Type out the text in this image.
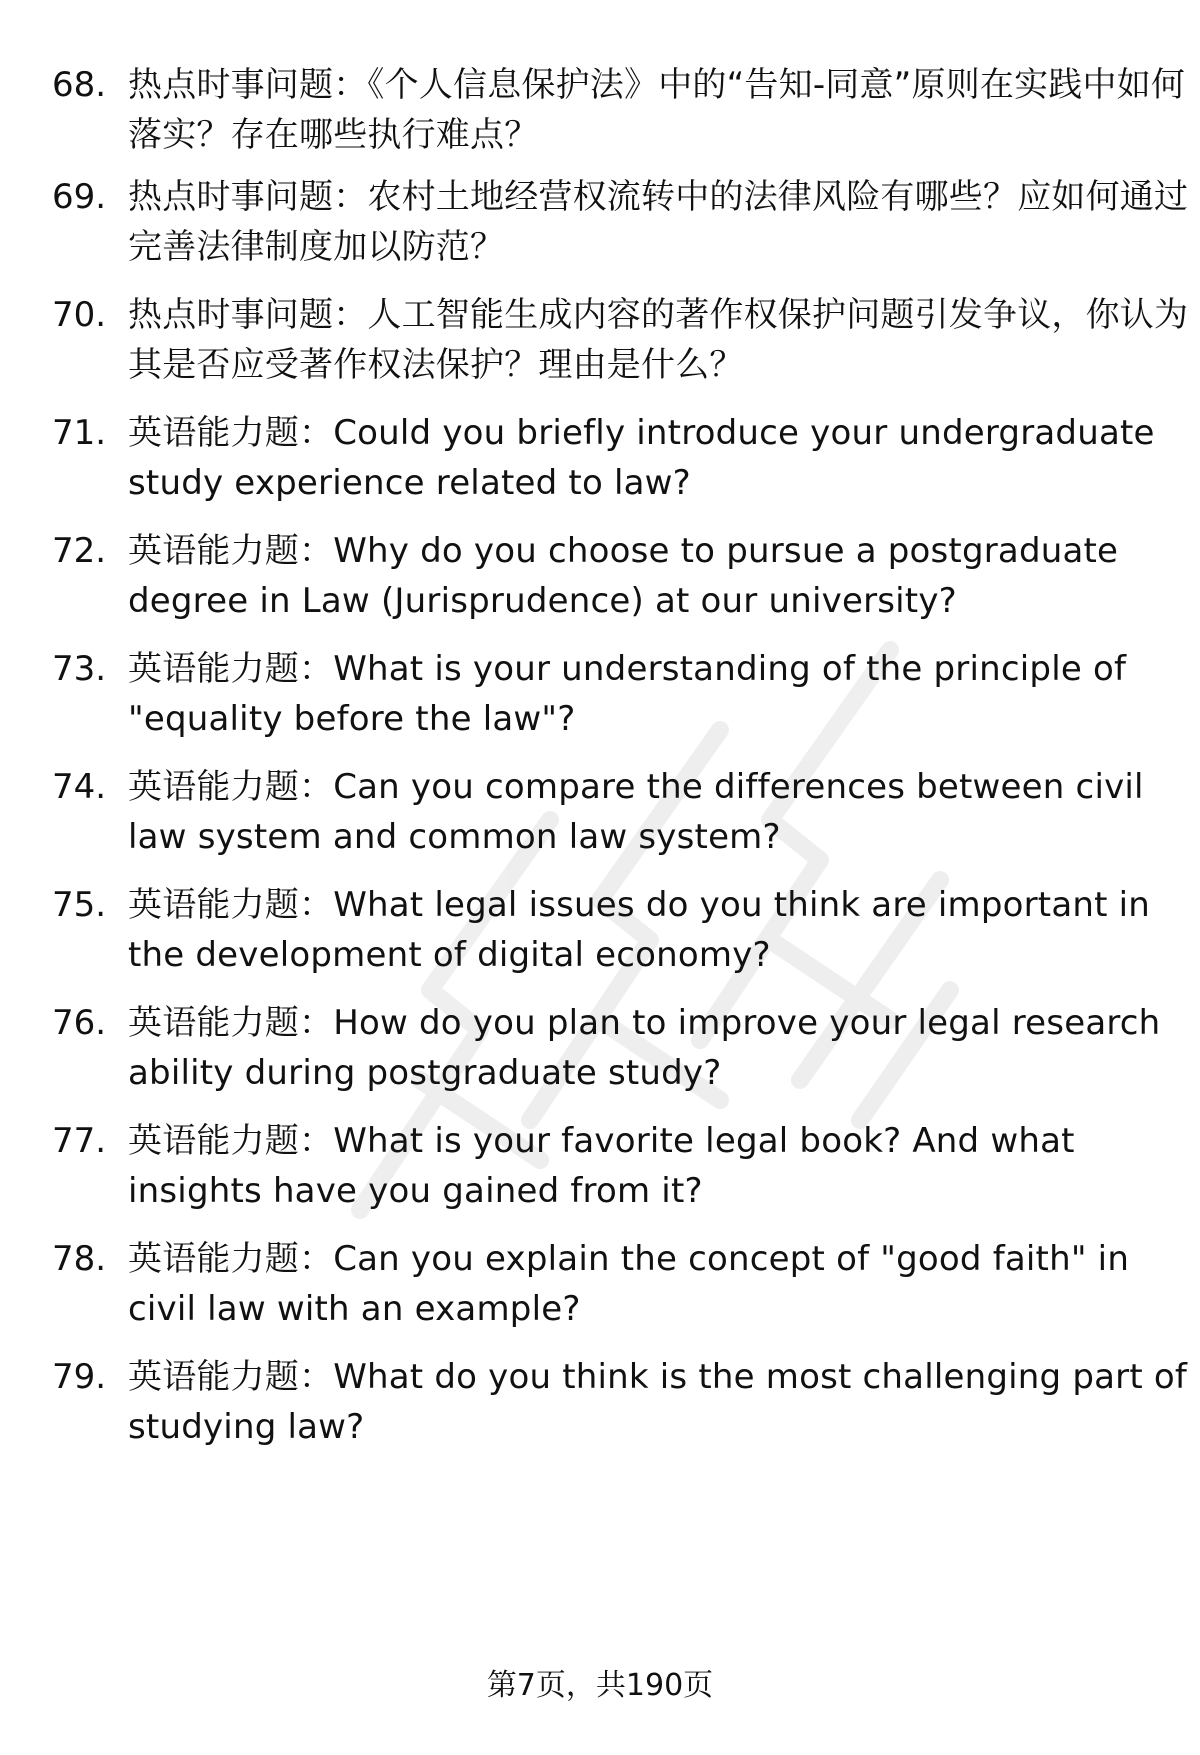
68. 热点时事问题：《个人信息保护法》中的“告知-同意”原则在实践中如何落实？存在哪些执行难点？
69. 热点时事问题：农村土地经营权流转中的法律风险有哪些？应如何通过完善法律制度加以防范？
70. 热点时事问题：人工智能生成内容的著作权保护问题引发争议，你认为其是否应受著作权法保护？理由是什么？
71. 英语能力题：Could you briefly introduce your undergraduate study experience related to law?
72. 英语能力题：Why do you choose to pursue a postgraduate degree in Law (Jurisprudence) at our university?
73. 英语能力题：What is your understanding of the principle of "equality before the law"?
74. 英语能力题：Can you compare the differences between civil law system and common law system?
75. 英语能力题：What legal issues do you think are important in the development of digital economy?
76. 英语能力题：How do you plan to improve your legal research ability during postgraduate study?
77. 英语能力题：What is your favorite legal book? And what insights have you gained from it?
78. 英语能力题：Can you explain the concept of "good faith" in civil law with an example?
79. 英语能力题：What do you think is the most challenging part of studying law?
第7页，共190页
